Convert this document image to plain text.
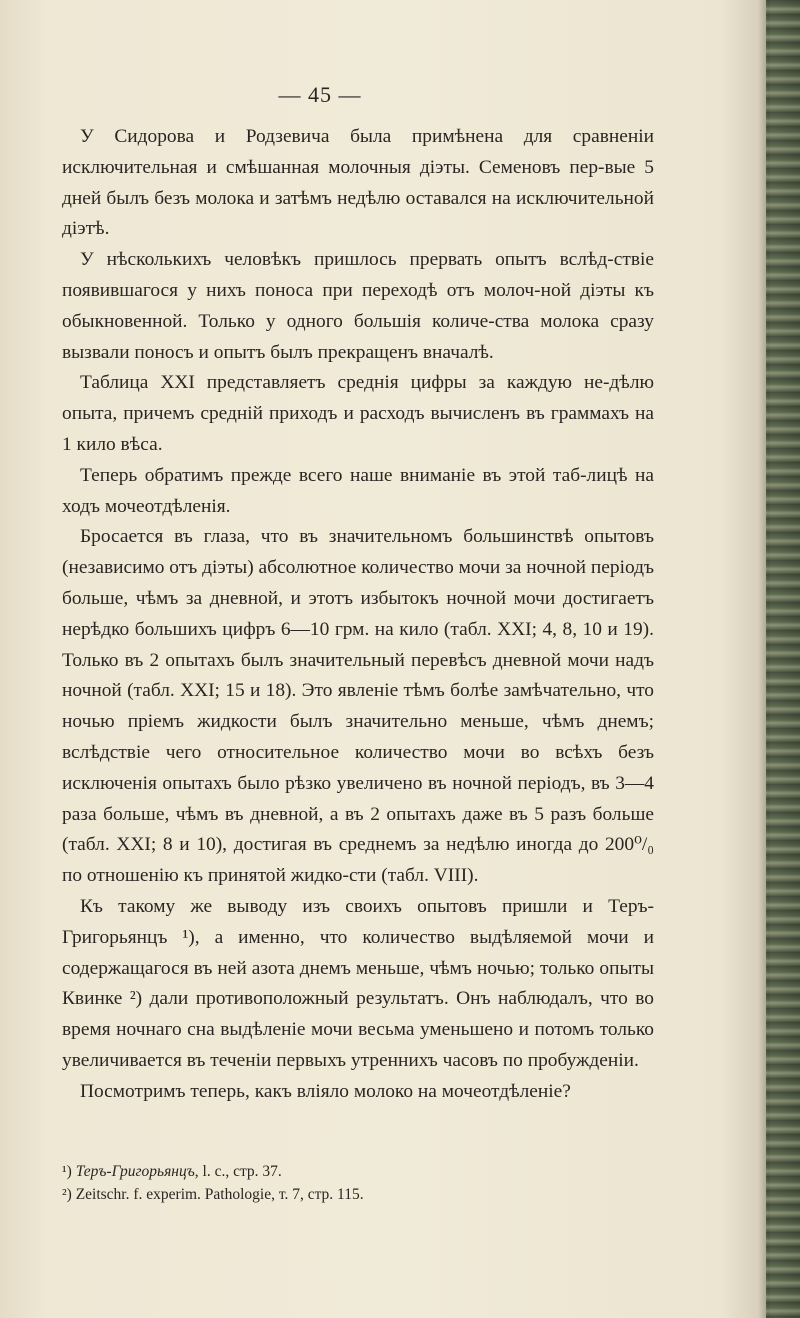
— 45 —

У Сидорова и Родзевича была примѣнена для сравненіи исключительная и смѣшанная молочныя діэты. Семеновъ пер-вые 5 дней былъ безъ молока и затѣмъ недѣлю оставался на исключительной діэтѣ.

У нѣсколькихъ человѣкъ пришлось прервать опытъ вслѣд-ствіе появившагося у нихъ поноса при переходѣ отъ молоч-ной діэты къ обыкновенной. Только у одного большія количе-ства молока сразу вызвали поносъ и опытъ былъ прекращенъ вначалѣ.

Таблица XXI представляетъ среднія цифры за каждую не-дѣлю опыта, причемъ среднiй приходъ и расходъ вычисленъ въ граммахъ на 1 кило вѣса.

Теперь обратимъ прежде всего наше вниманіе въ этой таб-лицѣ на ходъ мочеотдѣленія.

Бросается въ глаза, что въ значительномъ большинствѣ опытовъ (независимо отъ діэты) абсолютное количество мочи за ночной періодъ больше, чѣмъ за дневной, и этотъ избытокъ ночной мочи достигаетъ нерѣдко большихъ цифръ 6—10 грм. на кило (табл. XXI; 4, 8, 10 и 19). Только въ 2 опытахъ былъ значительный перевѣсъ дневной мочи надъ ночной (табл. XXI; 15 и 18). Это явленіе тѣмъ болѣе замѣчательно, что ночью пріемъ жидкости былъ значительно меньше, чѣмъ днемъ; вслѣдствіе чего относительное количество мочи во всѣхъ безъ исключенія опытахъ было рѣзко увеличено въ ночной періодъ, въ 3—4 раза больше, чѣмъ въ дневной, а въ 2 опытахъ даже въ 5 разъ больше (табл. XXI; 8 и 10), достигая въ среднемъ за недѣлю иногда до 200⁰/₀ по отношенію къ принятой жидко-сти (табл. VIII).

Къ такому же выводу изъ своихъ опытовъ пришли и Теръ-Григорьянцъ ¹), а именно, что количество выдѣляемой мочи и содержащагося въ ней азота днемъ меньше, чѣмъ ночью; только опыты Квинке ²) дали противоположный результатъ. Онъ наблюдалъ, что во время ночнаго сна выдѣленіе мочи весьма уменьшено и потомъ только увеличивается въ теченіи первыхъ утреннихъ часовъ по пробужденіи.

Посмотримъ теперь, какъ вліяло молоко на мочеотдѣленіе?

¹) Теръ-Григорьянцъ, l. c., стр. 37.
²) Zeitschr. f. experim. Pathologie, т. 7, стр. 115.
